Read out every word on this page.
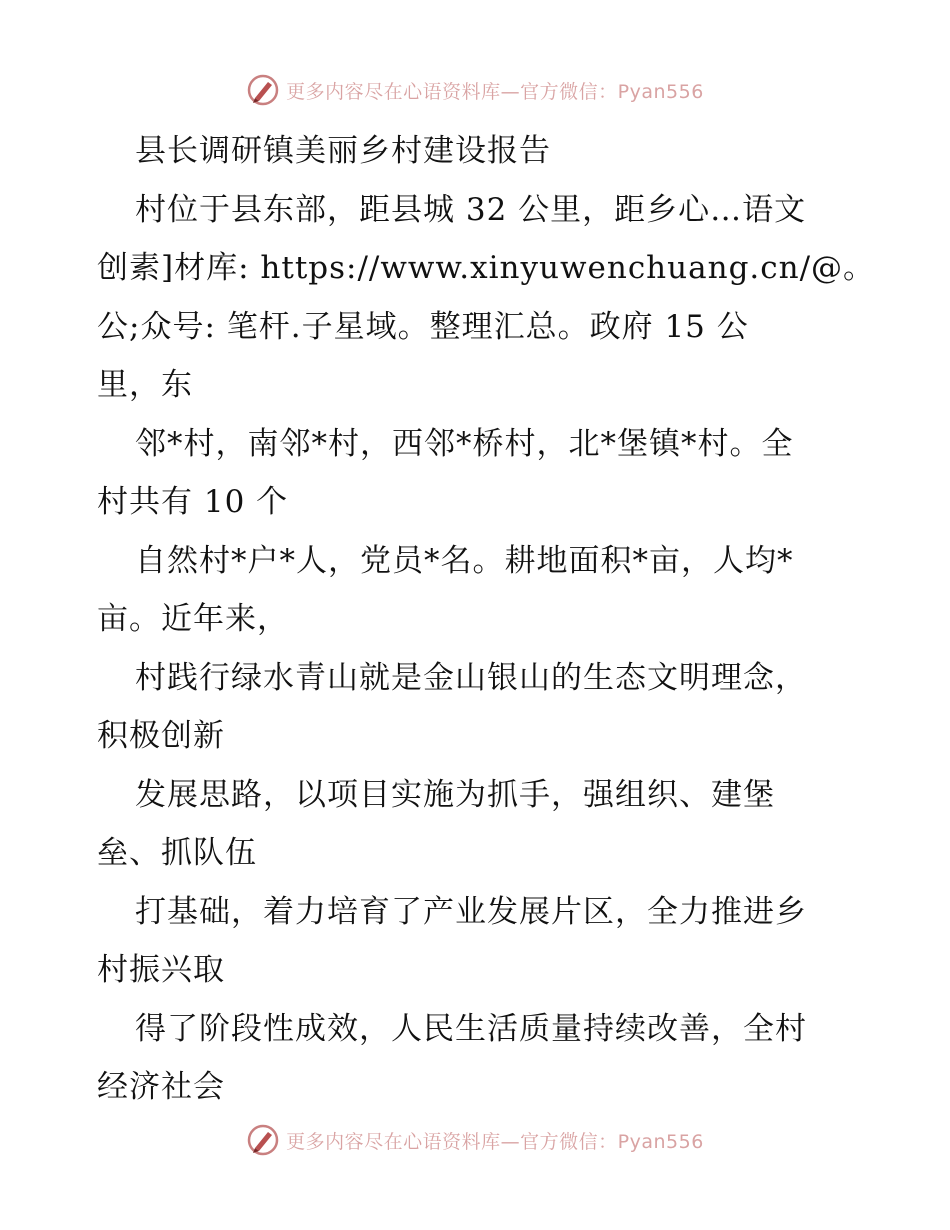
更多内容尽在心语资料库—官方微信：Pyan556
县长调研镇美丽乡村建设报告
村位于县东部，距县城 32 公里，距乡心…语文
创素]材库: https://www.xinyuwenchuang.cn/@。
公;众号: 笔杆.子星域。整理汇总。政府 15 公
里，东
邻*村，南邻*村，西邻*桥村，北*堡镇*村。全
村共有 10 个
自然村*户*人，党员*名。耕地面积*亩，人均*
亩。近年来，
村践行绿水青山就是金山银山的生态文明理念，
积极创新
发展思路，以项目实施为抓手，强组织、建堡
垒、抓队伍
打基础，着力培育了产业发展片区，全力推进乡
村振兴取
得了阶段性成效，人民生活质量持续改善，全村
经济社会
更多内容尽在心语资料库—官方微信：Pyan556
